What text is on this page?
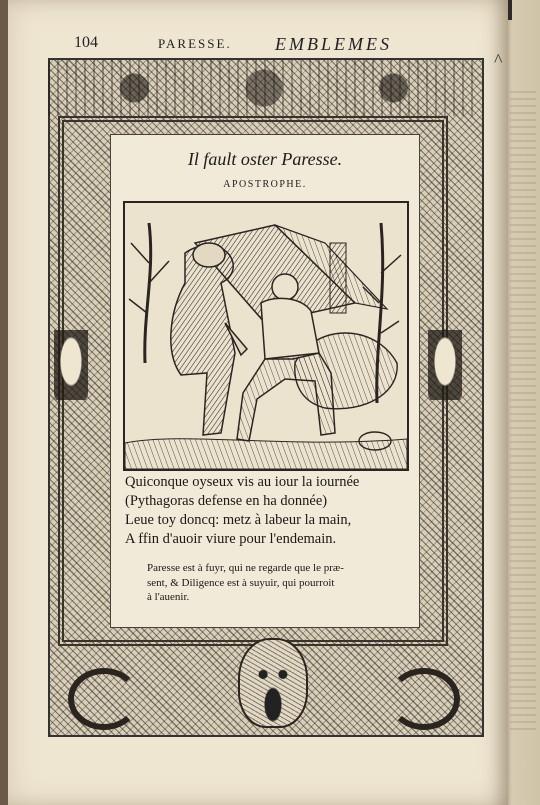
104	PARESSE. EMBLEMES
^
Il fault oster Paresse.
APOSTROPHE.
Quiconque oyseux vis au iour la iournée
(Pythagoras defense en ha donnée)
Leue toy doncq: metz à labeur la main,
A ffin d'auoir viure pour l'endemain.
Paresse est à fuyr, qui ne regarde que le præ-
sent, & Diligence est à suyuir, qui pourroit
à l'auenir.
